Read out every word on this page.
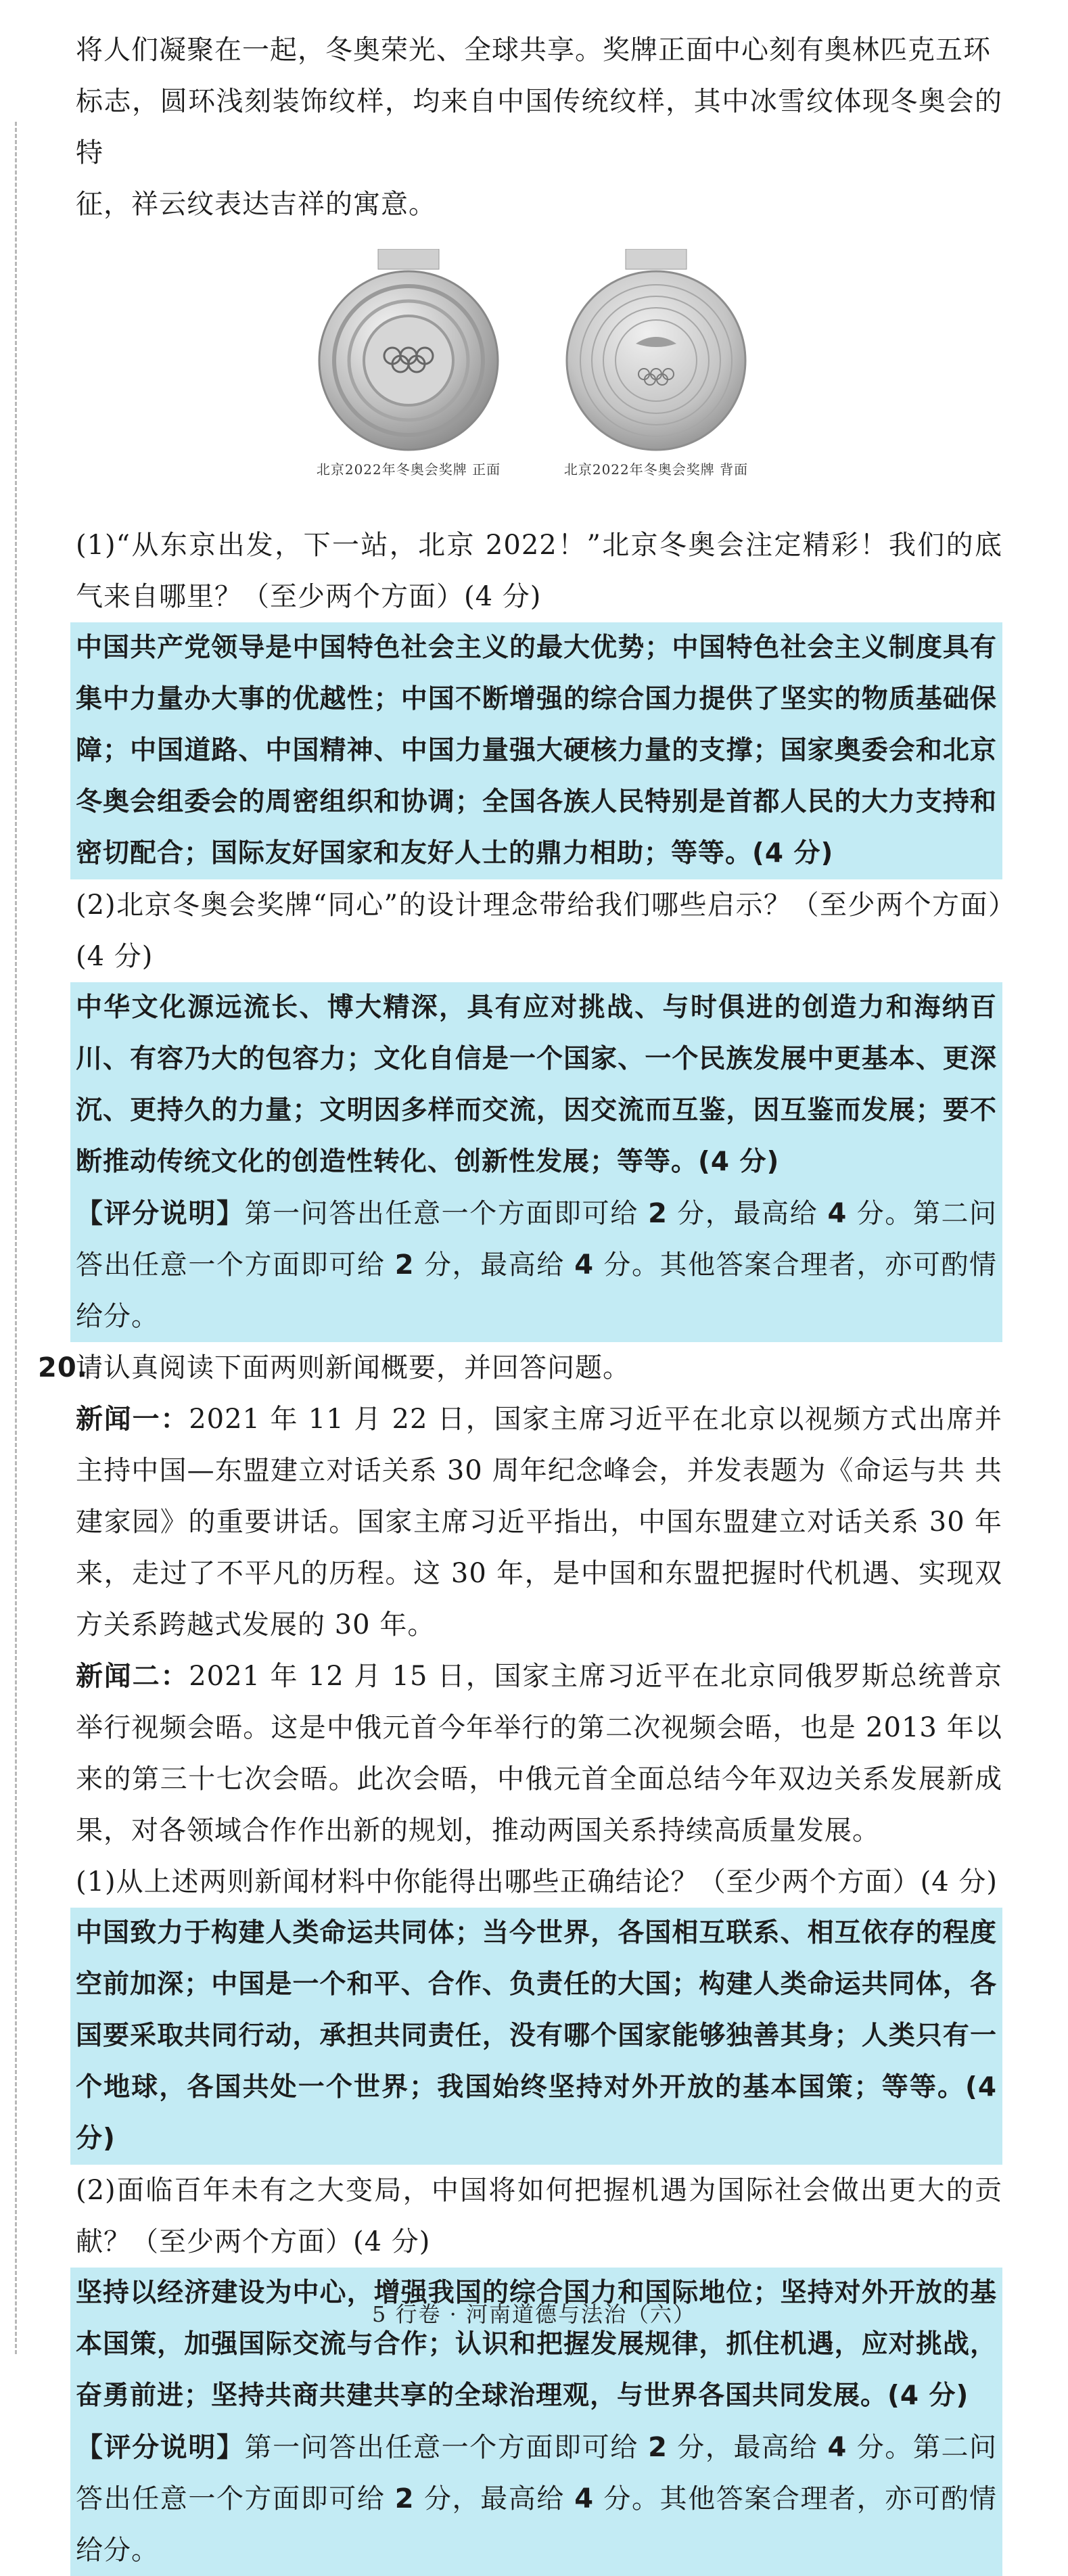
将人们凝聚在一起，冬奥荣光、全球共享。奖牌正面中心刻有奥林匹克五环

标志，圆环浅刻装饰纹样，均来自中国传统纹样，其中冰雪纹体现冬奥会的特

征，祥云纹表达吉祥的寓意。

北京2022年冬奥会奖牌 正面	北京2022年冬奥会奖牌 背面

(1)“从东京出发，下一站，北京 2022！”北京冬奥会注定精彩！我们的底气来自哪里？（至少两个方面）(4 分)

中国共产党领导是中国特色社会主义的最大优势；中国特色社会主义制度具有集中力量办大事的优越性；中国不断增强的综合国力提供了坚实的物质基础保障；中国道路、中国精神、中国力量强大硬核力量的支撑；国家奥委会和北京冬奥会组委会的周密组织和协调；全国各族人民特别是首都人民的大力支持和密切配合；国际友好国家和友好人士的鼎力相助；等等。(4 分)

(2)北京冬奥会奖牌“同心”的设计理念带给我们哪些启示？（至少两个方面）(4 分)

中华文化源远流长、博大精深，具有应对挑战、与时俱进的创造力和海纳百川、有容乃大的包容力；文化自信是一个国家、一个民族发展中更基本、更深沉、更持久的力量；文明因多样而交流，因交流而互鉴，因互鉴而发展；要不断推动传统文化的创造性转化、创新性发展；等等。(4 分)

【评分说明】第一问答出任意一个方面即可给 2 分，最高给 4 分。第二问答出任意一个方面即可给 2 分，最高给 4 分。其他答案合理者，亦可酌情给分。

20.
请认真阅读下面两则新闻概要，并回答问题。

新闻一：2021 年 11 月 22 日，国家主席习近平在北京以视频方式出席并主持中国—东盟建立对话关系 30 周年纪念峰会，并发表题为《命运与共 共建家园》的重要讲话。国家主席习近平指出，中国东盟建立对话关系 30 年来，走过了不平凡的历程。这 30 年，是中国和东盟把握时代机遇、实现双方关系跨越式发展的 30 年。

新闻二：2021 年 12 月 15 日，国家主席习近平在北京同俄罗斯总统普京举行视频会晤。这是中俄元首今年举行的第二次视频会晤，也是 2013 年以来的第三十七次会晤。此次会晤，中俄元首全面总结今年双边关系发展新成果，对各领域合作作出新的规划，推动两国关系持续高质量发展。

(1)从上述两则新闻材料中你能得出哪些正确结论？（至少两个方面）(4 分)

中国致力于构建人类命运共同体；当今世界，各国相互联系、相互依存的程度空前加深；中国是一个和平、合作、负责任的大国；构建人类命运共同体，各国要采取共同行动，承担共同责任，没有哪个国家能够独善其身；人类只有一个地球，各国共处一个世界；我国始终坚持对外开放的基本国策；等等。(4 分)

(2)面临百年未有之大变局，中国将如何把握机遇为国际社会做出更大的贡献？（至少两个方面）(4 分)

坚持以经济建设为中心，增强我国的综合国力和国际地位；坚持对外开放的基本国策，加强国际交流与合作；认识和把握发展规律，抓住机遇，应对挑战，奋勇前进；坚持共商共建共享的全球治理观，与世界各国共同发展。(4 分)

【评分说明】第一问答出任意一个方面即可给 2 分，最高给 4 分。第二问答出任意一个方面即可给 2 分，最高给 4 分。其他答案合理者，亦可酌情给分。

5 行卷 · 河南道德与法治（六）
